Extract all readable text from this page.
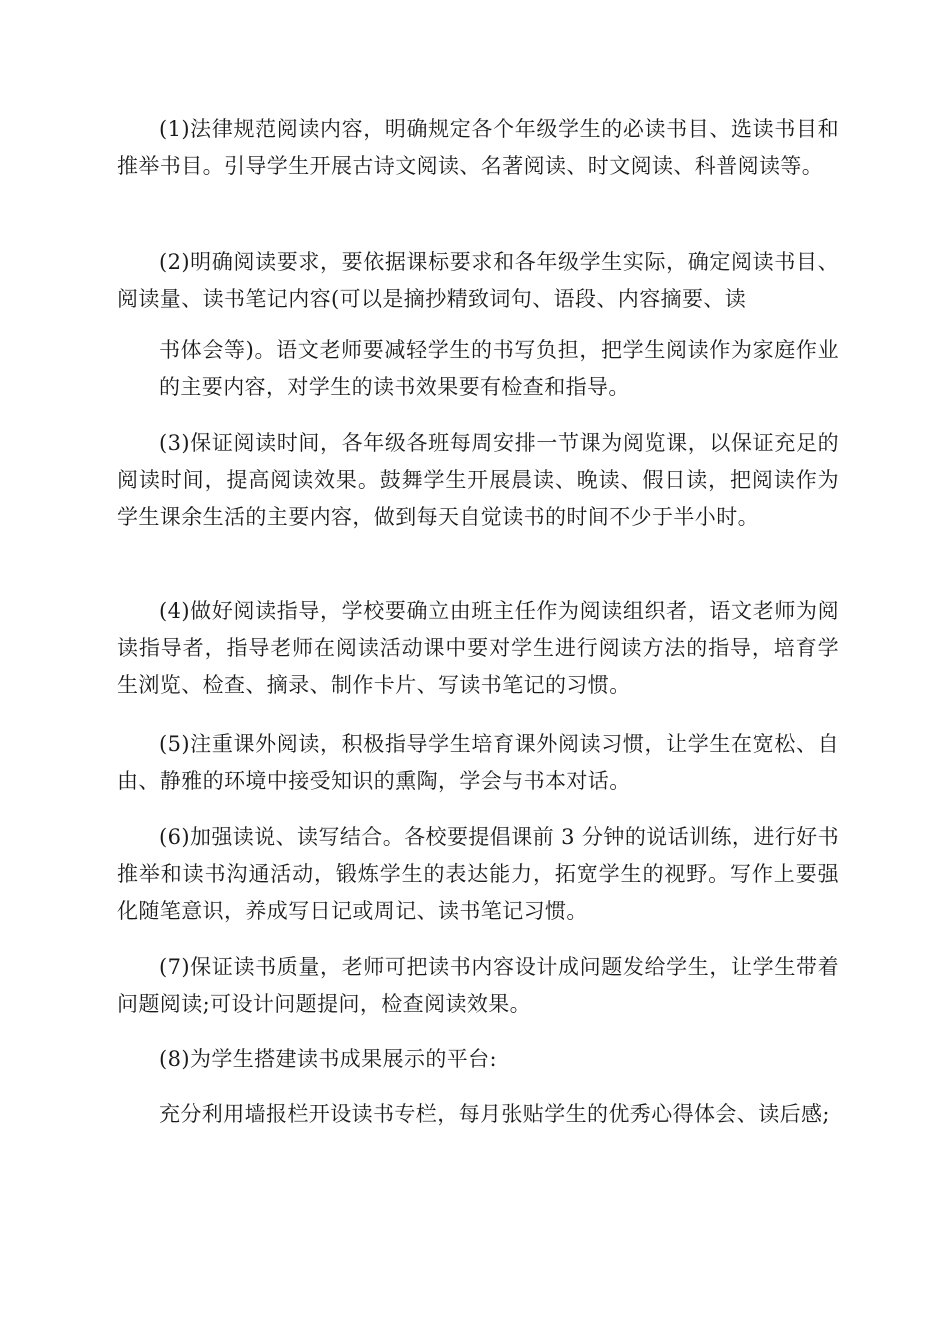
(1)法律规范阅读内容，明确规定各个年级学生的必读书目、选读书目和推举书目。引导学生开展古诗文阅读、名著阅读、时文阅读、科普阅读等。

(2)明确阅读要求，要依据课标要求和各年级学生实际，确定阅读书目、阅读量、读书笔记内容(可以是摘抄精致词句、语段、内容摘要、读

书体会等)。语文老师要减轻学生的书写负担，把学生阅读作为家庭作业的主要内容，对学生的读书效果要有检查和指导。

(3)保证阅读时间，各年级各班每周安排一节课为阅览课，以保证充足的阅读时间，提高阅读效果。鼓舞学生开展晨读、晚读、假日读，把阅读作为学生课余生活的主要内容，做到每天自觉读书的时间不少于半小时。

(4)做好阅读指导，学校要确立由班主任作为阅读组织者，语文老师为阅读指导者，指导老师在阅读活动课中要对学生进行阅读方法的指导，培育学生浏览、检查、摘录、制作卡片、写读书笔记的习惯。

(5)注重课外阅读，积极指导学生培育课外阅读习惯，让学生在宽松、自由、静雅的环境中接受知识的熏陶，学会与书本对话。

(6)加强读说、读写结合。各校要提倡课前 3 分钟的说话训练，进行好书推举和读书沟通活动，锻炼学生的表达能力，拓宽学生的视野。写作上要强化随笔意识，养成写日记或周记、读书笔记习惯。

(7)保证读书质量，老师可把读书内容设计成问题发给学生，让学生带着问题阅读;可设计问题提问，检查阅读效果。

(8)为学生搭建读书成果展示的平台:

充分利用墙报栏开设读书专栏，每月张贴学生的优秀心得体会、读后感;
